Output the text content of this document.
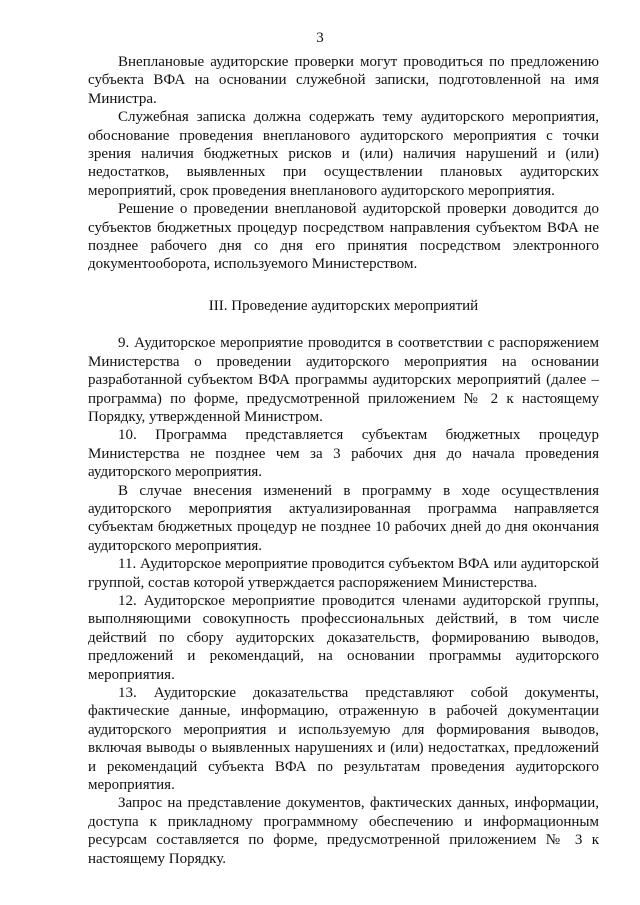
3

Внеплановые аудиторские проверки могут проводиться по предложению субъекта ВФА на основании служебной записки, подготовленной на имя Министра.

Служебная записка должна содержать тему аудиторского мероприятия, обоснование проведения внепланового аудиторского мероприятия с точки зрения наличия бюджетных рисков и (или) наличия нарушений и (или) недостатков, выявленных при осуществлении плановых аудиторских мероприятий, срок проведения внепланового аудиторского мероприятия.

Решение о проведении внеплановой аудиторской проверки доводится до субъектов бюджетных процедур посредством направления субъектом ВФА не позднее рабочего дня со дня его принятия посредством электронного документооборота, используемого Министерством.

III. Проведение аудиторских мероприятий

9. Аудиторское мероприятие проводится в соответствии с распоряжением Министерства о проведении аудиторского мероприятия на основании разработанной субъектом ВФА программы аудиторских мероприятий (далее – программа) по форме, предусмотренной приложением № 2 к настоящему Порядку, утвержденной Министром.

10. Программа представляется субъектам бюджетных процедур Министерства не позднее чем за 3 рабочих дня до начала проведения аудиторского мероприятия.

В случае внесения изменений в программу в ходе осуществления аудиторского мероприятия актуализированная программа направляется субъектам бюджетных процедур не позднее 10 рабочих дней до дня окончания аудиторского мероприятия.

11. Аудиторское мероприятие проводится субъектом ВФА или аудиторской группой, состав которой утверждается распоряжением Министерства.

12. Аудиторское мероприятие проводится членами аудиторской группы, выполняющими совокупность профессиональных действий, в том числе действий по сбору аудиторских доказательств, формированию выводов, предложений и рекомендаций, на основании программы аудиторского мероприятия.

13. Аудиторские доказательства представляют собой документы, фактические данные, информацию, отраженную в рабочей документации аудиторского мероприятия и используемую для формирования выводов, включая выводы о выявленных нарушениях и (или) недостатках, предложений и рекомендаций субъекта ВФА по результатам проведения аудиторского мероприятия.

Запрос на представление документов, фактических данных, информации, доступа к прикладному программному обеспечению и информационным ресурсам составляется по форме, предусмотренной приложением № 3 к настоящему Порядку.
